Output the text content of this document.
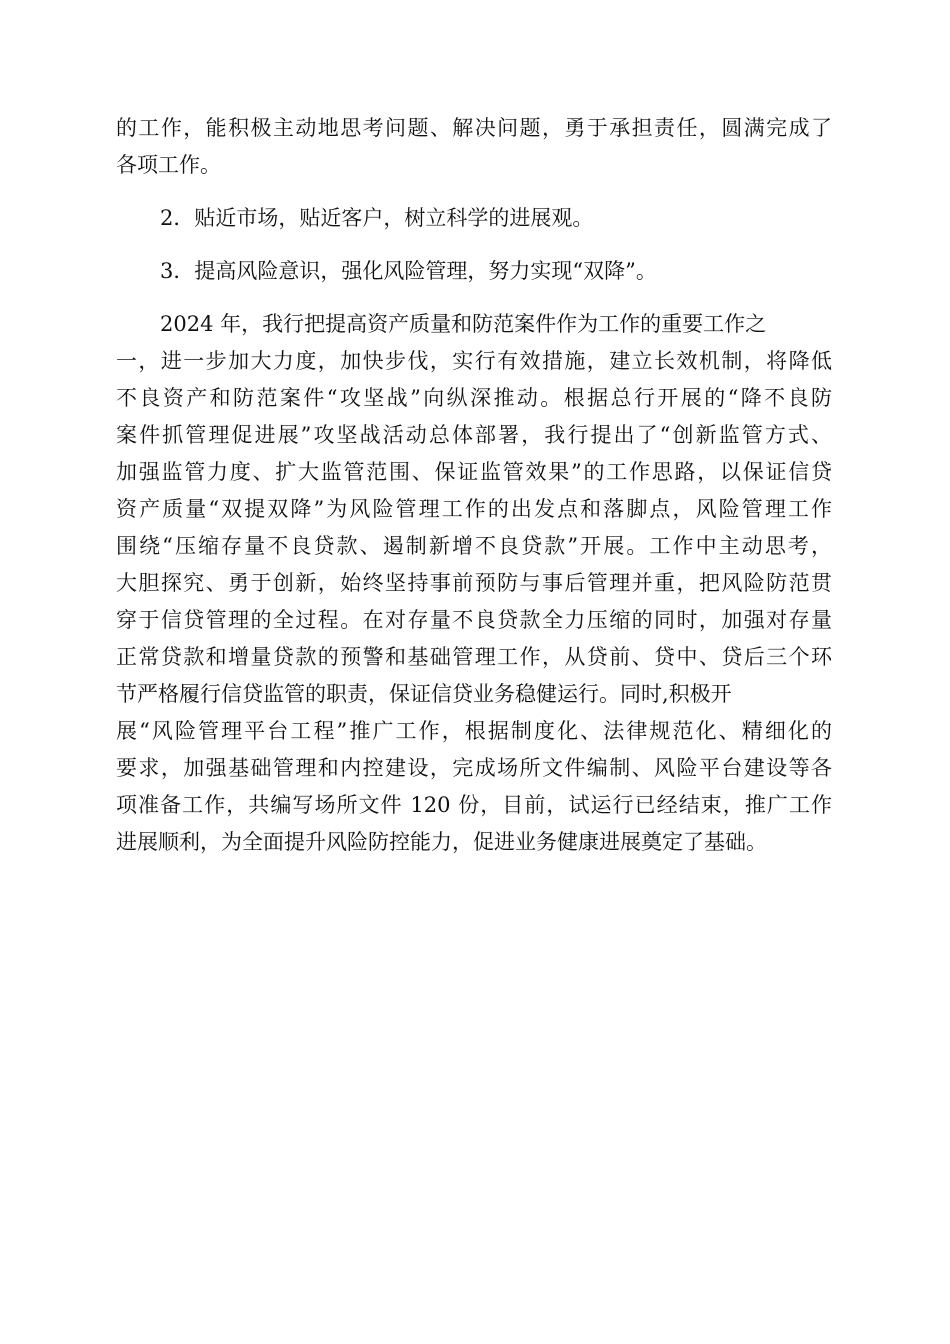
的工作，能积极主动地思考问题、解决问题，勇于承担责任，圆满完成了
各项工作。

2．贴近市场，贴近客户，树立科学的进展观。

3．提高风险意识，强化风险管理，努力实现“双降”。

2024 年，我行把提高资产质量和防范案件作为工作的重要工作之
一，进一步加大力度，加快步伐，实行有效措施，建立长效机制，将降低
不良资产和防范案件“攻坚战”向纵深推动。根据总行开展的“降不良防
案件抓管理促进展”攻坚战活动总体部署，我行提出了“创新监管方式、
加强监管力度、扩大监管范围、保证监管效果”的工作思路，以保证信贷
资产质量“双提双降”为风险管理工作的出发点和落脚点，风险管理工作
围绕“压缩存量不良贷款、遏制新增不良贷款”开展。工作中主动思考，
大胆探究、勇于创新，始终坚持事前预防与事后管理并重，把风险防范贯
穿于信贷管理的全过程。在对存量不良贷款全力压缩的同时，加强对存量
正常贷款和增量贷款的预警和基础管理工作，从贷前、贷中、贷后三个环
节严格履行信贷监管的职责，保证信贷业务稳健运行。同时,积极开
展“风险管理平台工程”推广工作，根据制度化、法律规范化、精细化的
要求，加强基础管理和内控建设，完成场所文件编制、风险平台建设等各
项准备工作，共编写场所文件 120 份，目前，试运行已经结束，推广工作
进展顺利，为全面提升风险防控能力，促进业务健康进展奠定了基础。
